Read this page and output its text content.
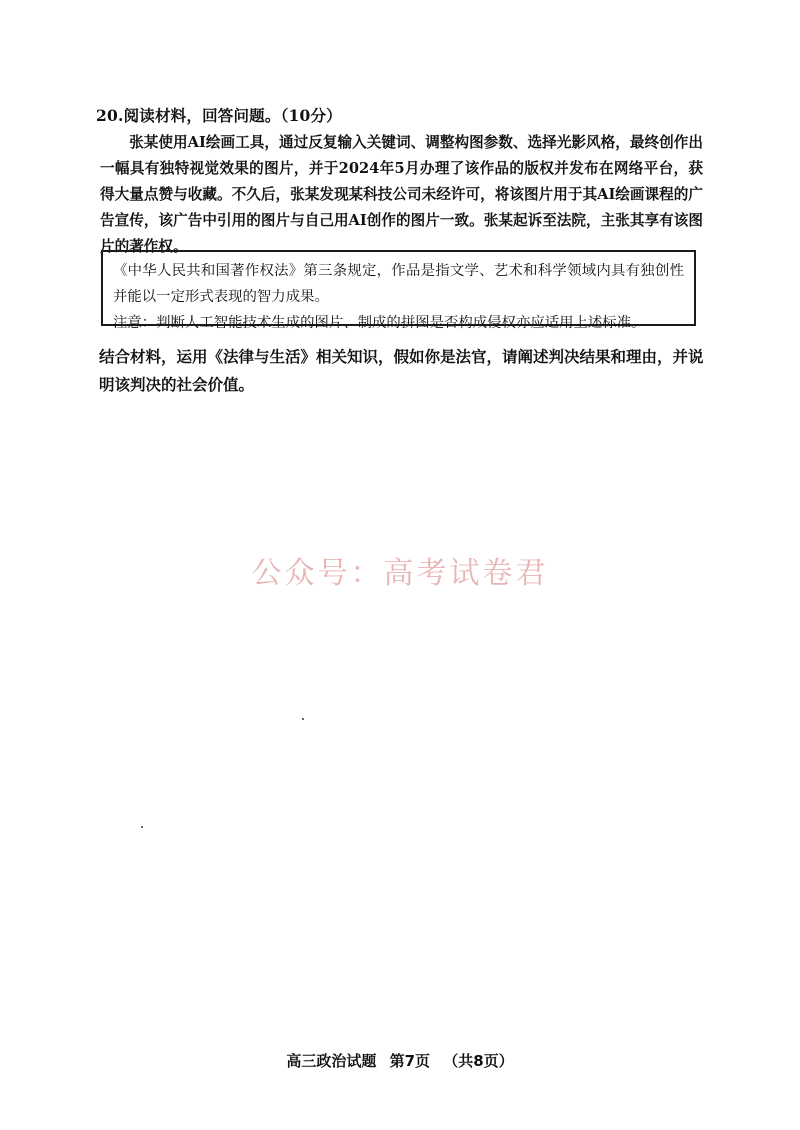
20.阅读材料，回答问题。（10分）
张某使用AI绘画工具，通过反复输入关键词、调整构图参数、选择光影风格，最终创作出一幅具有独特视觉效果的图片，并于2024年5月办理了该作品的版权并发布在网络平台，获得大量点赞与收藏。不久后，张某发现某科技公司未经许可，将该图片用于其AI绘画课程的广告宣传，该广告中引用的图片与自己用AI创作的图片一致。张某起诉至法院，主张其享有该图片的著作权。
《中华人民共和国著作权法》第三条规定，作品是指文学、艺术和科学领域内具有独创性并能以一定形式表现的智力成果。
注意：判断人工智能技术生成的图片、制成的拼图是否构成侵权亦应适用上述标准。
结合材料，运用《法律与生活》相关知识，假如你是法官，请阐述判决结果和理由，并说明该判决的社会价值。
公众号：高考试卷君
高三政治试题 第7页 （共8页）
